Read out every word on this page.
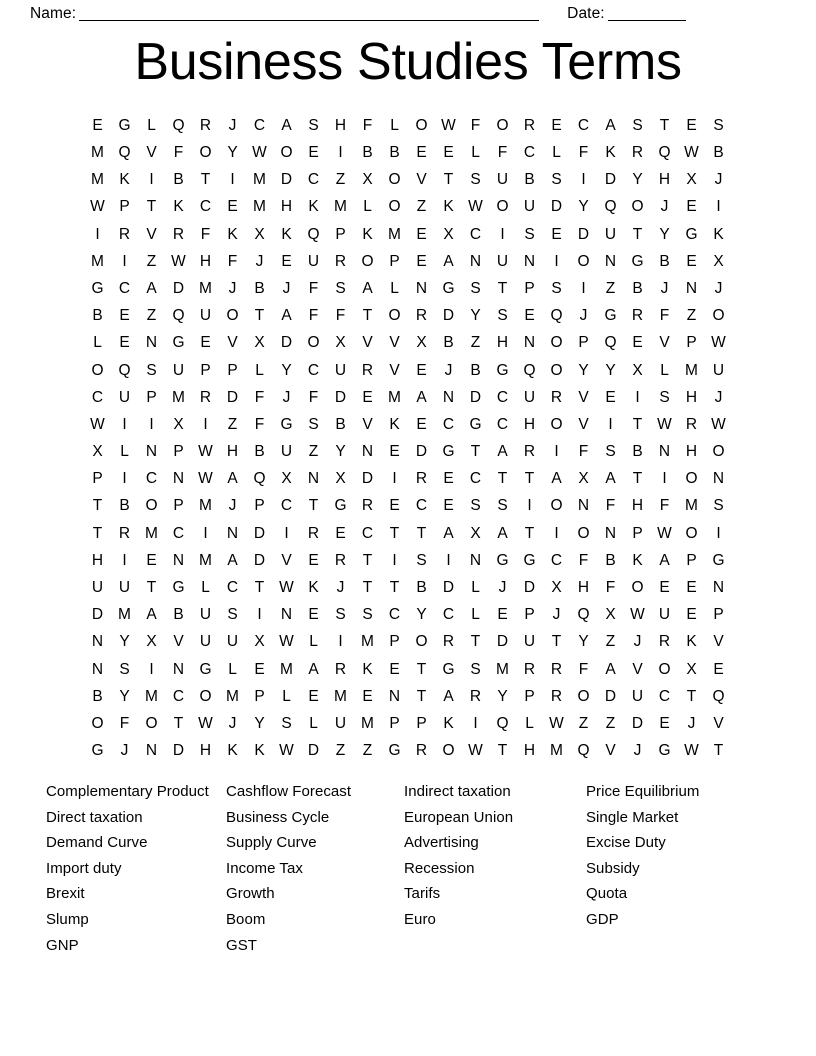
Name:	Date:
Business Studies Terms
E	G	L	Q R	J	C	A	S	H	F	L	O W F	O R	E	C	A	S	T	E	S
M Q	V	F	O	Y W O	E	I	B	B	E	E	L	F	C	L	F	K	R Q W B
M K	I	B	T	I	M D	C	Z	X	O	V	T	S	U	B	S	I	D	Y	H	X	J
W P	T	K	C	E M H	K M	L	O	Z	K W O U	D	Y	Q O	J	E	I
I	R	V	R	F	K	X	K	Q	P	K M E	X	C	I	S	E	D	U	T	Y	G	K
M	I	Z W H	F	J	E	U	R O	P	E	A	N	U	N	I	O N G	B	E	X
G C	A	D M	J	B	J	F	S	A	L	N G	S	T	P	S	I	Z	B	J	N	J
B	E	Z	Q U O	T	A	F	F	T	O R	D	Y	S	E	Q	J	G R	F	Z	O
L	E	N G	E	V	X	D O	X	V	V	X	B	Z	H	N O	P	Q	E	V	P W
O Q	S	U	P	P	L	Y	C	U	R	V	E	J	B	G Q O	Y	Y	X	L	M U
C	U	P M R	D	F	J	F	D	E M A	N	D	C	U	R	V	E	I	S	H	J
W	I	I	X	I	Z	F	G	S	B	V	K	E	C G C	H O	V	I	T W R W
X	L	N	P W H	B	U	Z	Y	N	E	D G	T	A	R	I	F	S	B	N	H O
P	I	C	N W A	Q	X	N	X	D	I	R	E	C	T	T	A	X	A	T	I	O N
T	B	O	P M	J	P	C	T	G R	E	C	E	S	S	I	O N	F	H	F	M S
T	R M C	I	N	D	I	R	E	C	T	T	A	X	A	T	I	O N	P W O	I
H	I	E	N M A	D	V	E	R	T	I	S	I	N G G C	F	B	K	A	P	G
U	U	T	G	L	C	T W K	J	T	T	B	D	L	J	D	X	H	F	O	E	E	N
D M A	B	U	S	I	N	E	S	S	C	Y	C	L	E	P	J	Q	X W U	E	P
N	Y	X	V	U	U	X W L	I	M P	O R	T	D	U	T	Y	Z	J	R	K	V
N	S	I	N G	L	E M A	R	K	E	T	G	S M R	R	F	A	V	O	X	E
B	Y M C O M P	L	E M E	N	T	A	R	Y	P	R O D	U	C	T	Q
O	F	O	T W	J	Y	S	L	U M P	P	K	I	Q	L W Z	Z	D	E	J	V
G	J	N	D	H	K	K W D	Z	Z	G R O W T	H M Q	V	J	G W T
Complementary Product
Direct taxation
Demand Curve
Import duty
Brexit
Slump
GNP
Cashflow Forecast
Business Cycle
Supply Curve
Income Tax
Growth
Boom
GST
Indirect taxation
European Union
Advertising
Recession
Tarifs
Euro
Price Equilibrium
Single Market
Excise Duty
Subsidy
Quota
GDP
